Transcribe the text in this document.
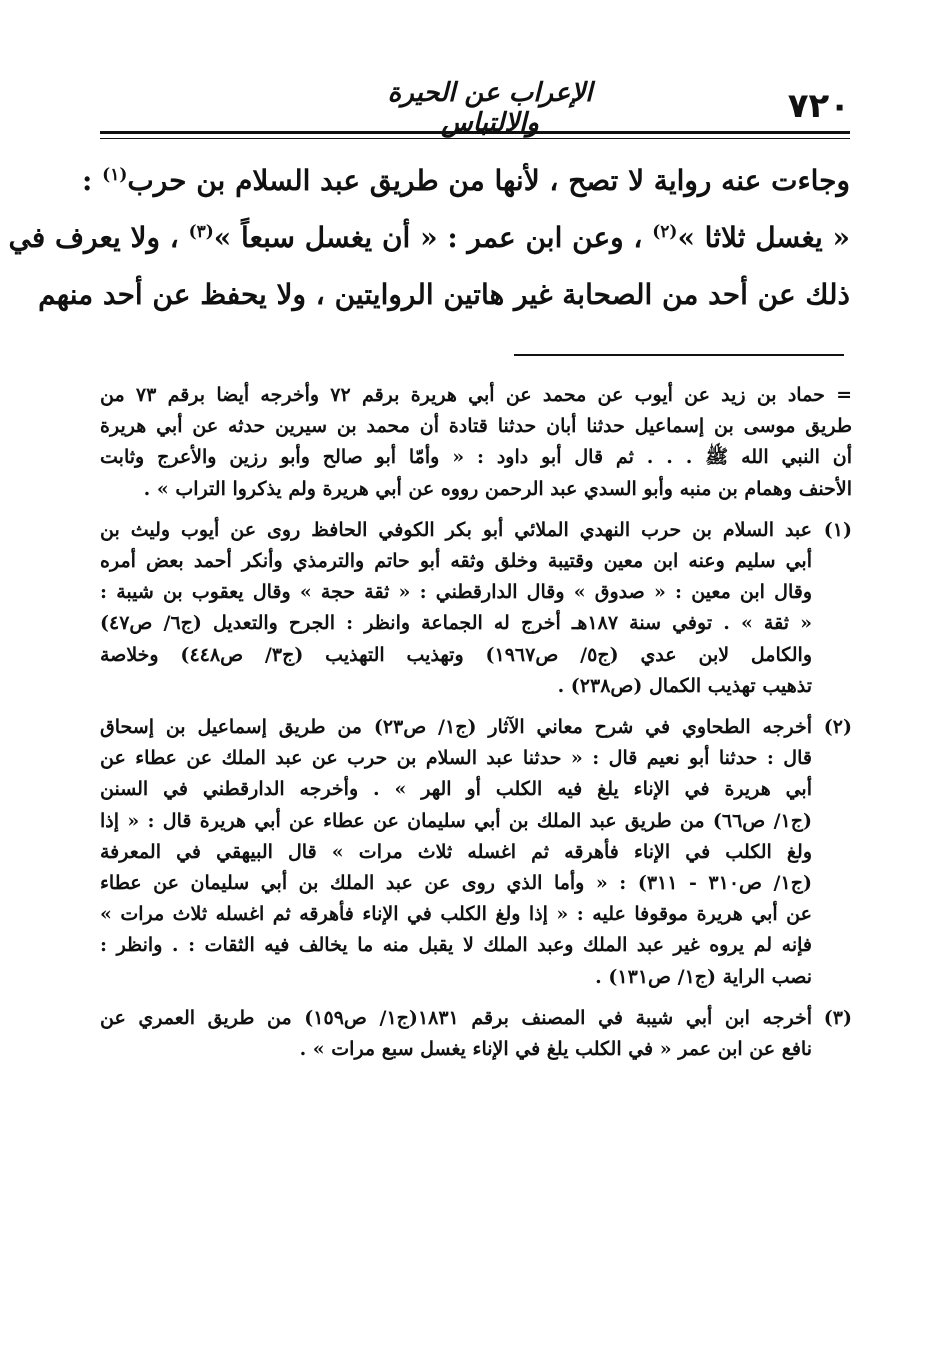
٧٢٠
الإعراب عن الحيرة والالتباس
وجاءت عنه رواية لا تصح ، لأنها من طريق عبد السلام بن حرب$^{(١)}$ :
« يغسل ثلاثا »$^{(٢)}$ ، وعن ابن عمر : « أن يغسل سبعاً »$^{(٣)}$ ، ولا يعرف في
ذلك عن أحد من الصحابة غير هاتين الروايتين ، ولا يحفظ عن أحد منهم
= حماد بن زيد عن أيوب عن محمد عن أبي هريرة برقم ٧٢ وأخرجه أيضا برقم ٧٣ من
طريق موسى بن إسماعيل حدثنا أبان حدثنا قتادة أن محمد بن سيرين حدثه عن أبي هريرة
أن النبي الله ﷺ . . . ثم قال أبو داود : « وأمّا أبو صالح وأبو رزين والأعرج وثابت
الأحنف وهمام بن منبه وأبو السدي عبد الرحمن رووه عن أبي هريرة ولم يذكروا التراب » .
(١)
عبد السلام بن حرب النهدي الملائي أبو بكر الكوفي الحافظ روى عن أيوب وليث بن
أبي سليم وعنه ابن معين وقتيبة وخلق وثقه أبو حاتم والترمذي وأنكر أحمد بعض أمره
وقال ابن معين : « صدوق » وقال الدارقطني : « ثقة حجة » وقال يعقوب بن شيبة :
« ثقة » . توفي سنة ١٨٧هـ أخرج له الجماعة وانظر : الجرح والتعديل (ج٦/ ص٤٧)
والكامل لابن عدي (ج٥/ ص١٩٦٧) وتهذيب التهذيب (ج٣/ ص٤٤٨) وخلاصة
تذهيب تهذيب الكمال (ص٢٣٨) .
(٢)
أخرجه الطحاوي في شرح معاني الآثار (ج١/ ص٢٣) من طريق إسماعيل بن إسحاق
قال : حدثنا أبو نعيم قال : « حدثنا عبد السلام بن حرب عن عبد الملك عن عطاء عن
أبي هريرة في الإناء يلغ فيه الكلب أو الهر » . وأخرجه الدارقطني في السنن
(ج١/ ص٦٦) من طريق عبد الملك بن أبي سليمان عن عطاء عن أبي هريرة قال : « إذا
ولغ الكلب في الإناء فأهرقه ثم اغسله ثلاث مرات » قال البيهقي في المعرفة
(ج١/ ص٣١٠ - ٣١١) : « وأما الذي روى عن عبد الملك بن أبي سليمان عن عطاء
عن أبي هريرة موقوفا عليه : « إذا ولغ الكلب في الإناء فأهرقه ثم اغسله ثلاث مرات »
فإنه لم يروه غير عبد الملك وعبد الملك لا يقبل منه ما يخالف فيه الثقات : . وانظر :
نصب الراية (ج١/ ص١٣١) .
(٣)
أخرجه ابن أبي شيبة في المصنف برقم ١٨٣١(ج١/ ص١٥٩) من طريق العمري عن
نافع عن ابن عمر « في الكلب يلغ في الإناء يغسل سبع مرات » .
